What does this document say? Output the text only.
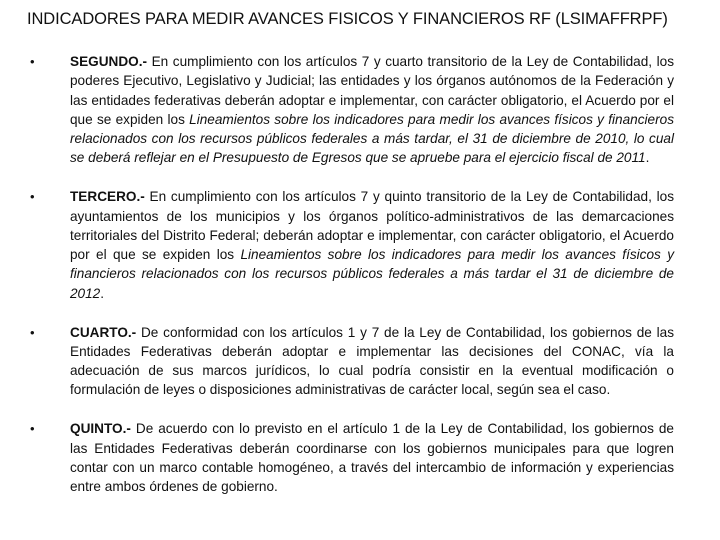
INDICADORES PARA MEDIR AVANCES FISICOS Y FINANCIEROS RF (LSIMAFFRPF)
•	SEGUNDO.- En cumplimiento con los artículos 7 y cuarto transitorio de la Ley de Contabilidad, los poderes Ejecutivo, Legislativo y Judicial; las entidades y los órganos autónomos de la Federación y las entidades federativas deberán adoptar e implementar, con carácter obligatorio, el Acuerdo por el que se expiden los Lineamientos sobre los indicadores para medir los avances físicos y financieros relacionados con los recursos públicos federales a más tardar, el 31 de diciembre de 2010, lo cual se deberá reflejar en el Presupuesto de Egresos que se apruebe para el ejercicio fiscal de 2011.
•	TERCERO.- En cumplimiento con los artículos 7 y quinto transitorio de la Ley de Contabilidad, los ayuntamientos de los municipios y los órganos político-administrativos de las demarcaciones territoriales del Distrito Federal; deberán adoptar e implementar, con carácter obligatorio, el Acuerdo por el que se expiden los Lineamientos sobre los indicadores para medir los avances físicos y financieros relacionados con los recursos públicos federales a más tardar el 31 de diciembre de 2012.
•	CUARTO.- De conformidad con los artículos 1 y 7 de la Ley de Contabilidad, los gobiernos de las Entidades Federativas deberán adoptar e implementar las decisiones del CONAC, vía la adecuación de sus marcos jurídicos, lo cual podría consistir en la eventual modificación o formulación de leyes o disposiciones administrativas de carácter local, según sea el caso.
•	QUINTO.- De acuerdo con lo previsto en el artículo 1 de la Ley de Contabilidad, los gobiernos de las Entidades Federativas deberán coordinarse con los gobiernos municipales para que logren contar con un marco contable homogéneo, a través del intercambio de información y experiencias entre ambos órdenes de gobierno.
